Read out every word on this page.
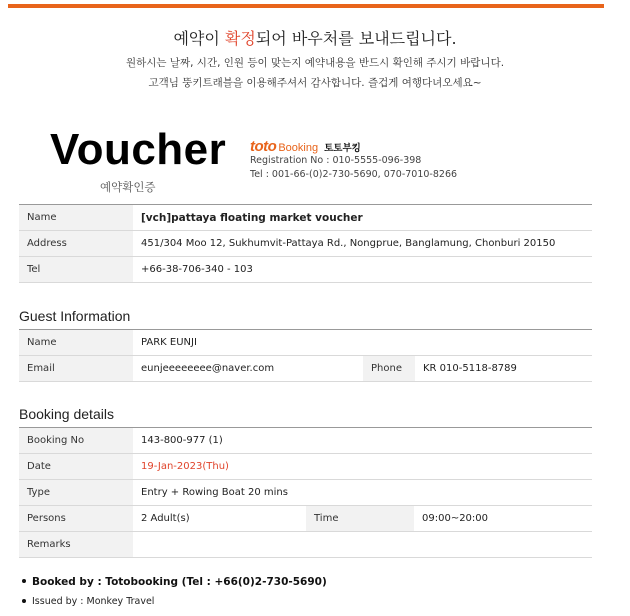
예약이 확정되어 바우처를 보내드립니다.
원하시는 날짜, 시간, 인원 등이 맞는지 예약내용을 반드시 확인해 주시기 바랍니다.
고객님 뚱키트래블을 이용해주셔서 감사합니다. 즐겁게 여행다녀오세요~
Voucher
예약확인증
toto Booking 토토부킹
Registration No : 010-5555-096-398
Tel : 001-66-(0)2-730-5690, 070-7010-8266
Name	[vch]pattaya floating market voucher
Address	451/304 Moo 12, Sukhumvit-Pattaya Rd., Nongprue, Banglamung, Chonburi 20150
Tel	+66-38-706-340 - 103
Guest Information
Name	PARK EUNJI		
Email	eunjeeeeeeee@naver.com	Phone	KR 010-5118-8789
Booking details
Booking No	143-800-977 (1)		
Date	19-Jan-2023(Thu)		
Type	Entry + Rowing Boat 20 mins		
Persons	2 Adult(s)	Time	09:00~20:00
Remarks			
Booked by : Totobooking (Tel : +66(0)2-730-5690)
Issued by : Monkey Travel
